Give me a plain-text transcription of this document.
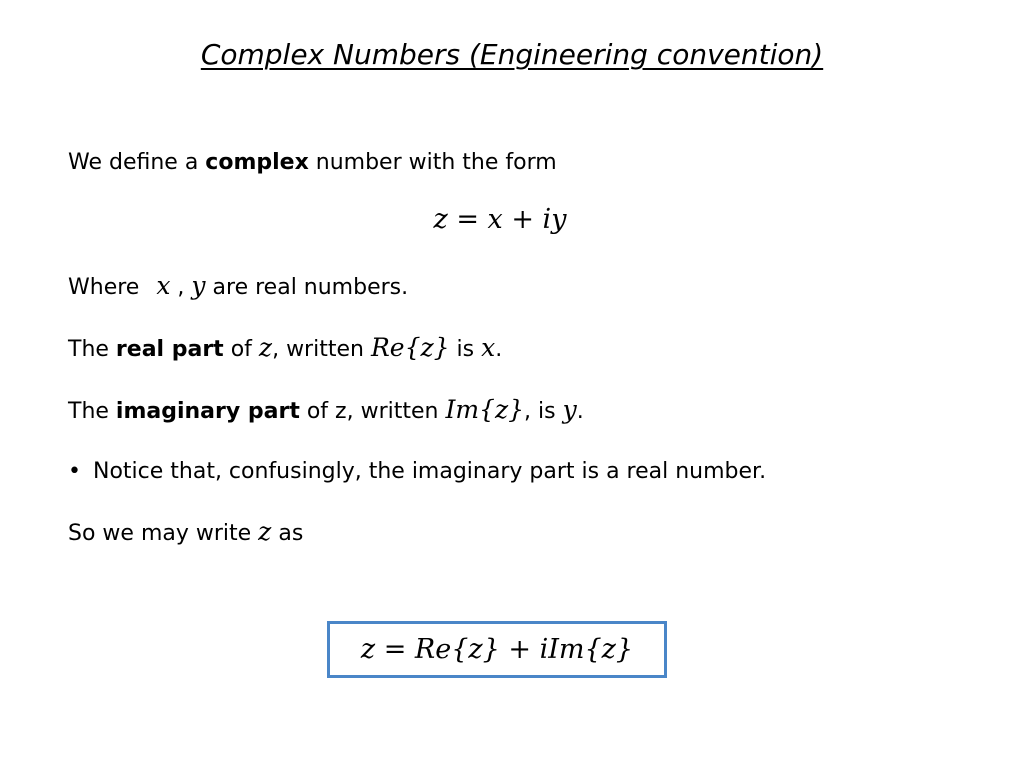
Complex Numbers (Engineering convention)
We define a complex number with the form
z = x + iy
Where x , y are real numbers.
The real part of z, written Re{z} is x.
The imaginary part of z, written Im{z}, is y.
• Notice that, confusingly, the imaginary part is a real number.
So we may write z as
z = Re{z} + iIm{z}
